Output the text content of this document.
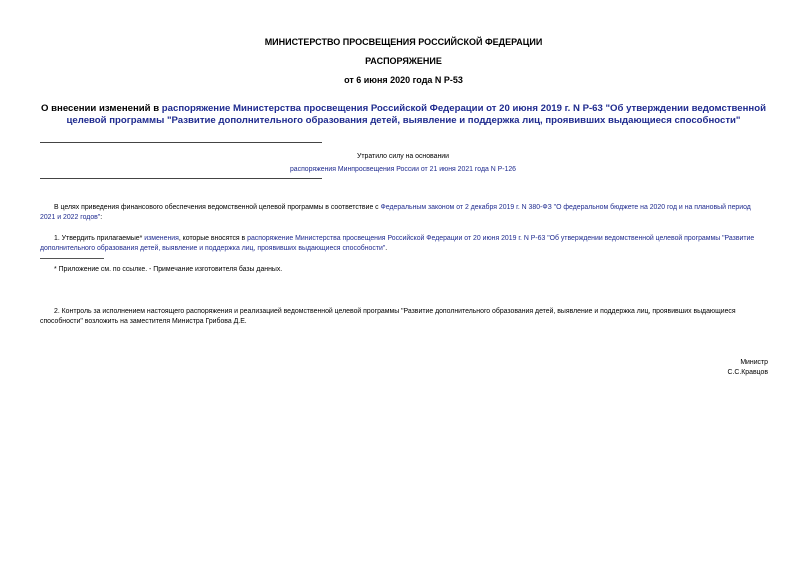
МИНИСТЕРСТВО ПРОСВЕЩЕНИЯ РОССИЙСКОЙ ФЕДЕРАЦИИ
РАСПОРЯЖЕНИЕ
от 6 июня 2020 года N Р-53
О внесении изменений в распоряжение Министерства просвещения Российской Федерации от 20 июня 2019 г. N Р-63 "Об утверждении ведомственной целевой программы "Развитие дополнительного образования детей, выявление и поддержка лиц, проявивших выдающиеся способности"
Утратило силу на основании
распоряжения Минпросвещения России от 21 июня 2021 года N Р-126
В целях приведения финансового обеспечения ведомственной целевой программы в соответствие с Федеральным законом от 2 декабря 2019 г. N 380-ФЗ "О федеральном бюджете на 2020 год и на плановый период 2021 и 2022 годов":
1. Утвердить прилагаемые* изменения, которые вносятся в распоряжение Министерства просвещения Российской Федерации от 20 июня 2019 г. N Р-63 "Об утверждении ведомственной целевой программы "Развитие дополнительного образования детей, выявление и поддержка лиц, проявивших выдающиеся способности".
* Приложение см. по ссылке. - Примечание изготовителя базы данных.
2. Контроль за исполнением настоящего распоряжения и реализацией ведомственной целевой программы "Развитие дополнительного образования детей, выявление и поддержка лиц, проявивших выдающиеся способности" возложить на заместителя Министра Грибова Д.Е.
Министр
С.С.Кравцов
